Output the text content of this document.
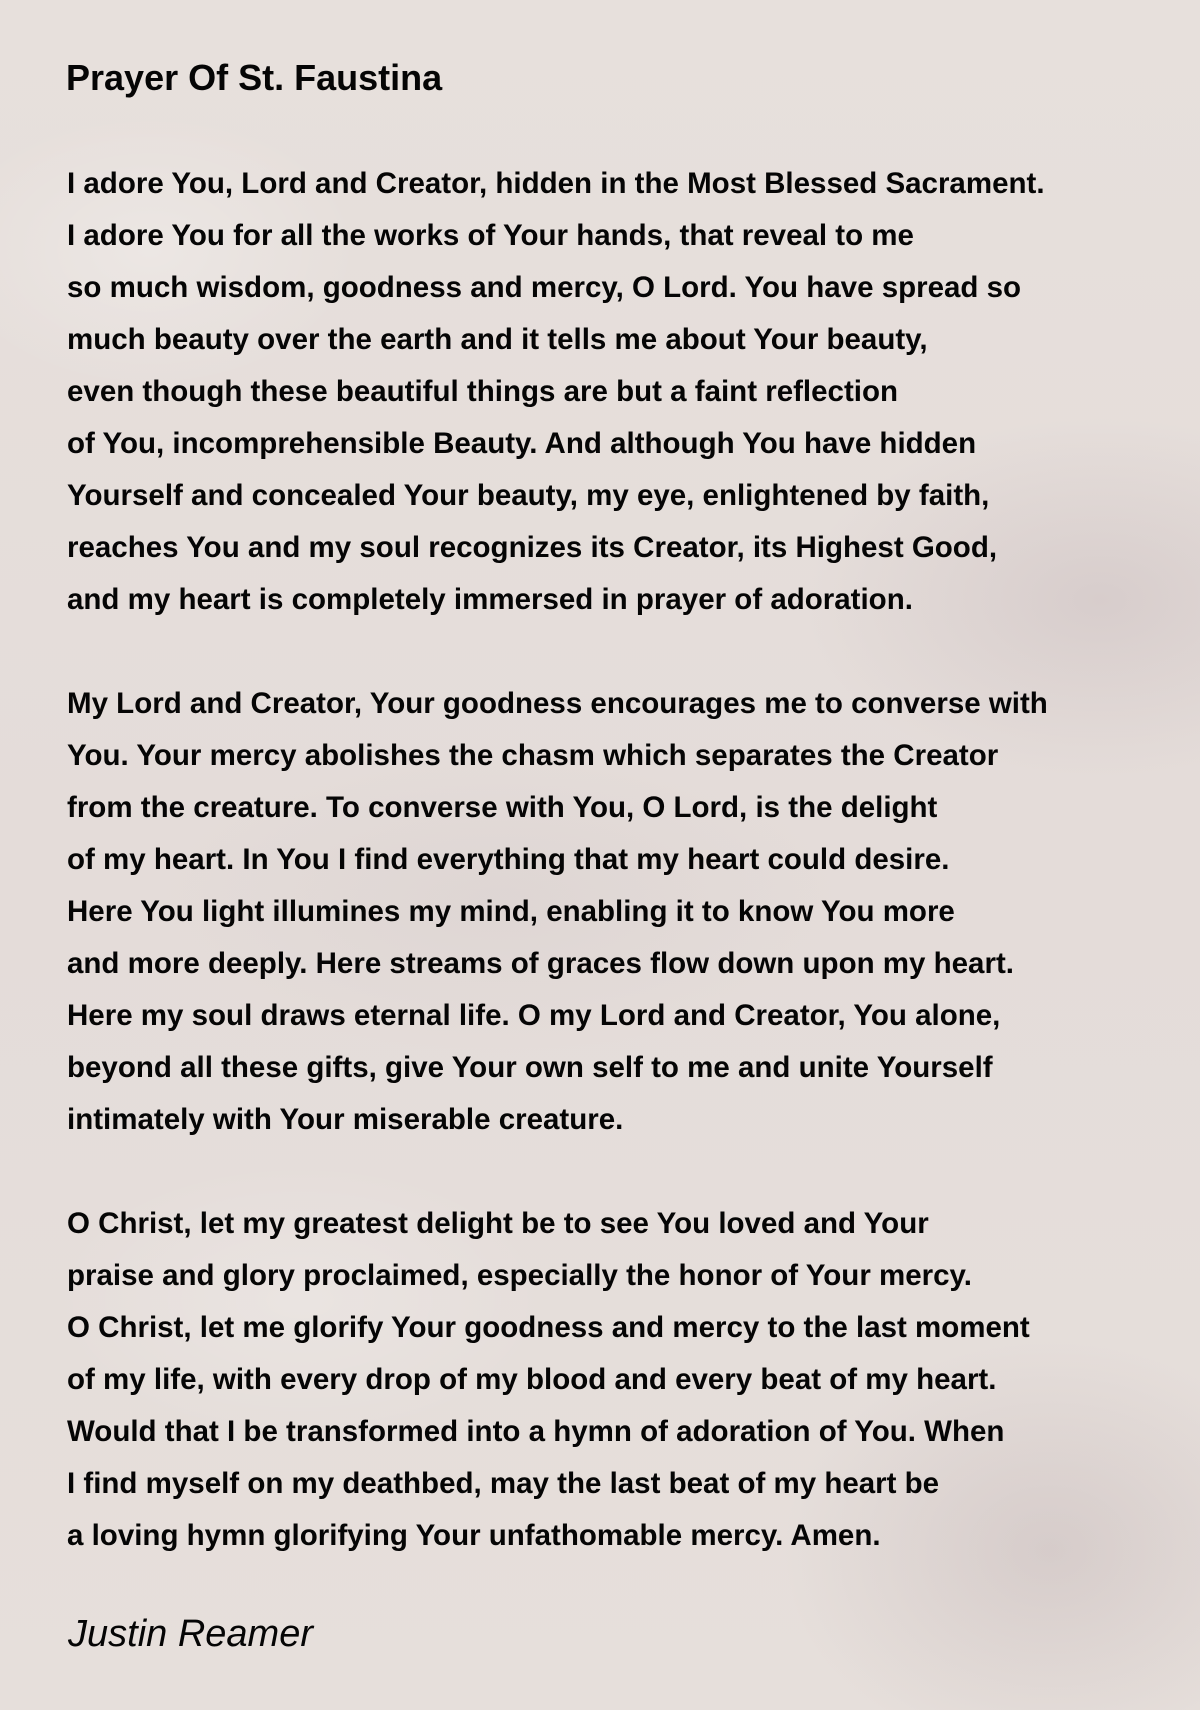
Prayer Of St. Faustina
I adore You, Lord and Creator, hidden in the Most Blessed Sacrament.
I adore You for all the works of Your hands, that reveal to me
so much wisdom, goodness and mercy, O Lord. You have spread so
much beauty over the earth and it tells me about Your beauty,
even though these beautiful things are but a faint reflection
of You, incomprehensible Beauty. And although You have hidden
Yourself and concealed Your beauty, my eye, enlightened by faith,
reaches You and my soul recognizes its Creator, its Highest Good,
and my heart is completely immersed in prayer of adoration.
My Lord and Creator, Your goodness encourages me to converse with
You. Your mercy abolishes the chasm which separates the Creator
from the creature. To converse with You, O Lord, is the delight
of my heart. In You I find everything that my heart could desire.
Here You light illumines my mind, enabling it to know You more
and more deeply. Here streams of graces flow down upon my heart.
Here my soul draws eternal life. O my Lord and Creator, You alone,
beyond all these gifts, give Your own self to me and unite Yourself
intimately with Your miserable creature.
O Christ, let my greatest delight be to see You loved and Your
praise and glory proclaimed, especially the honor of Your mercy.
O Christ, let me glorify Your goodness and mercy to the last moment
of my life, with every drop of my blood and every beat of my heart.
Would that I be transformed into a hymn of adoration of You. When
I find myself on my deathbed, may the last beat of my heart be
a loving hymn glorifying Your unfathomable mercy. Amen.
Justin Reamer
